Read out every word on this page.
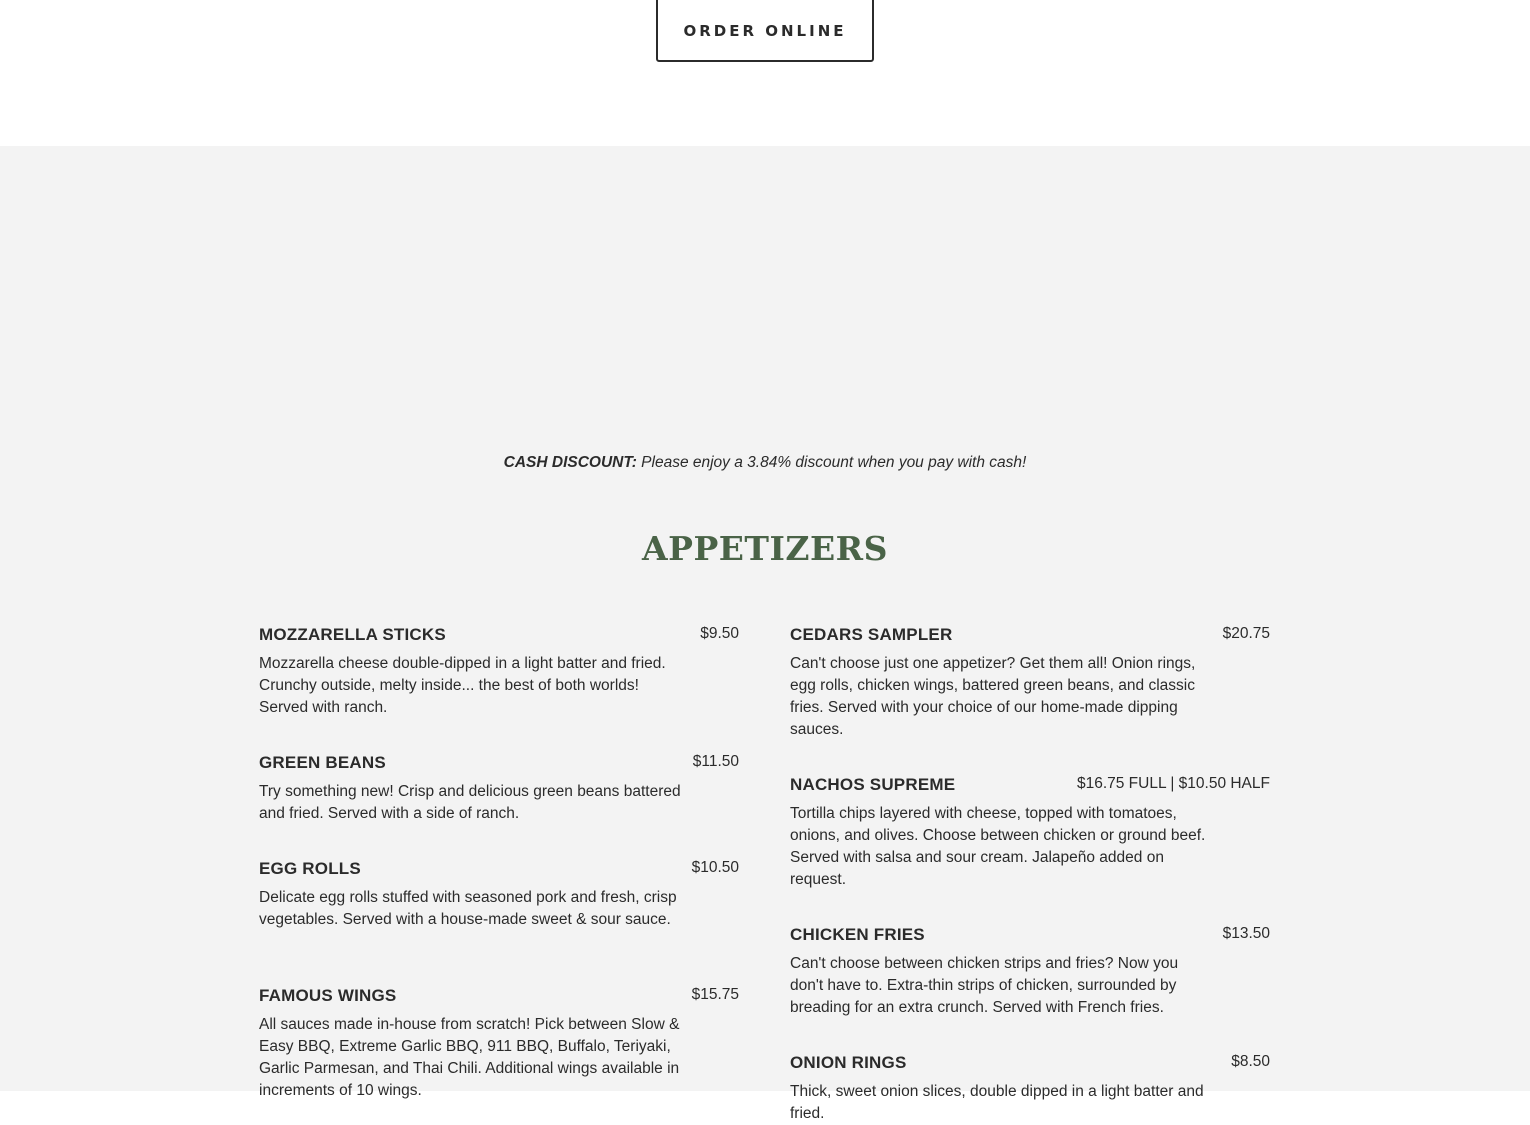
ORDER ONLINE
CASH DISCOUNT: Please enjoy a 3.84% discount when you pay with cash!
APPETIZERS
MOZZARELLA STICKS	$9.50

Mozzarella cheese double-dipped in a light batter and fried. Crunchy outside, melty inside... the best of both worlds! Served with ranch.

GREEN BEANS	$11.50

Try something new! Crisp and delicious green beans battered and fried. Served with a side of ranch.

EGG ROLLS	$10.50

Delicate egg rolls stuffed with seasoned pork and fresh, crisp vegetables. Served with a house-made sweet & sour sauce.

FAMOUS WINGS	$15.75

All sauces made in-house from scratch! Pick between Slow & Easy BBQ, Extreme Garlic BBQ, 911 BBQ, Buffalo, Teriyaki, Garlic Parmesan, and Thai Chili. Additional wings available in increments of 10 wings.

CEDARS SAMPLER	$20.75

Can't choose just one appetizer? Get them all! Onion rings, egg rolls, chicken wings, battered green beans, and classic fries. Served with your choice of our home-made dipping sauces.

NACHOS SUPREME	$16.75 FULL | $10.50 HALF

Tortilla chips layered with cheese, topped with tomatoes, onions, and olives. Choose between chicken or ground beef. Served with salsa and sour cream. Jalapeño added on request.

CHICKEN FRIES	$13.50

Can't choose between chicken strips and fries? Now you don't have to. Extra-thin strips of chicken, surrounded by breading for an extra crunch. Served with French fries.

ONION RINGS	$8.50

Thick, sweet onion slices, double dipped in a light batter and fried.
